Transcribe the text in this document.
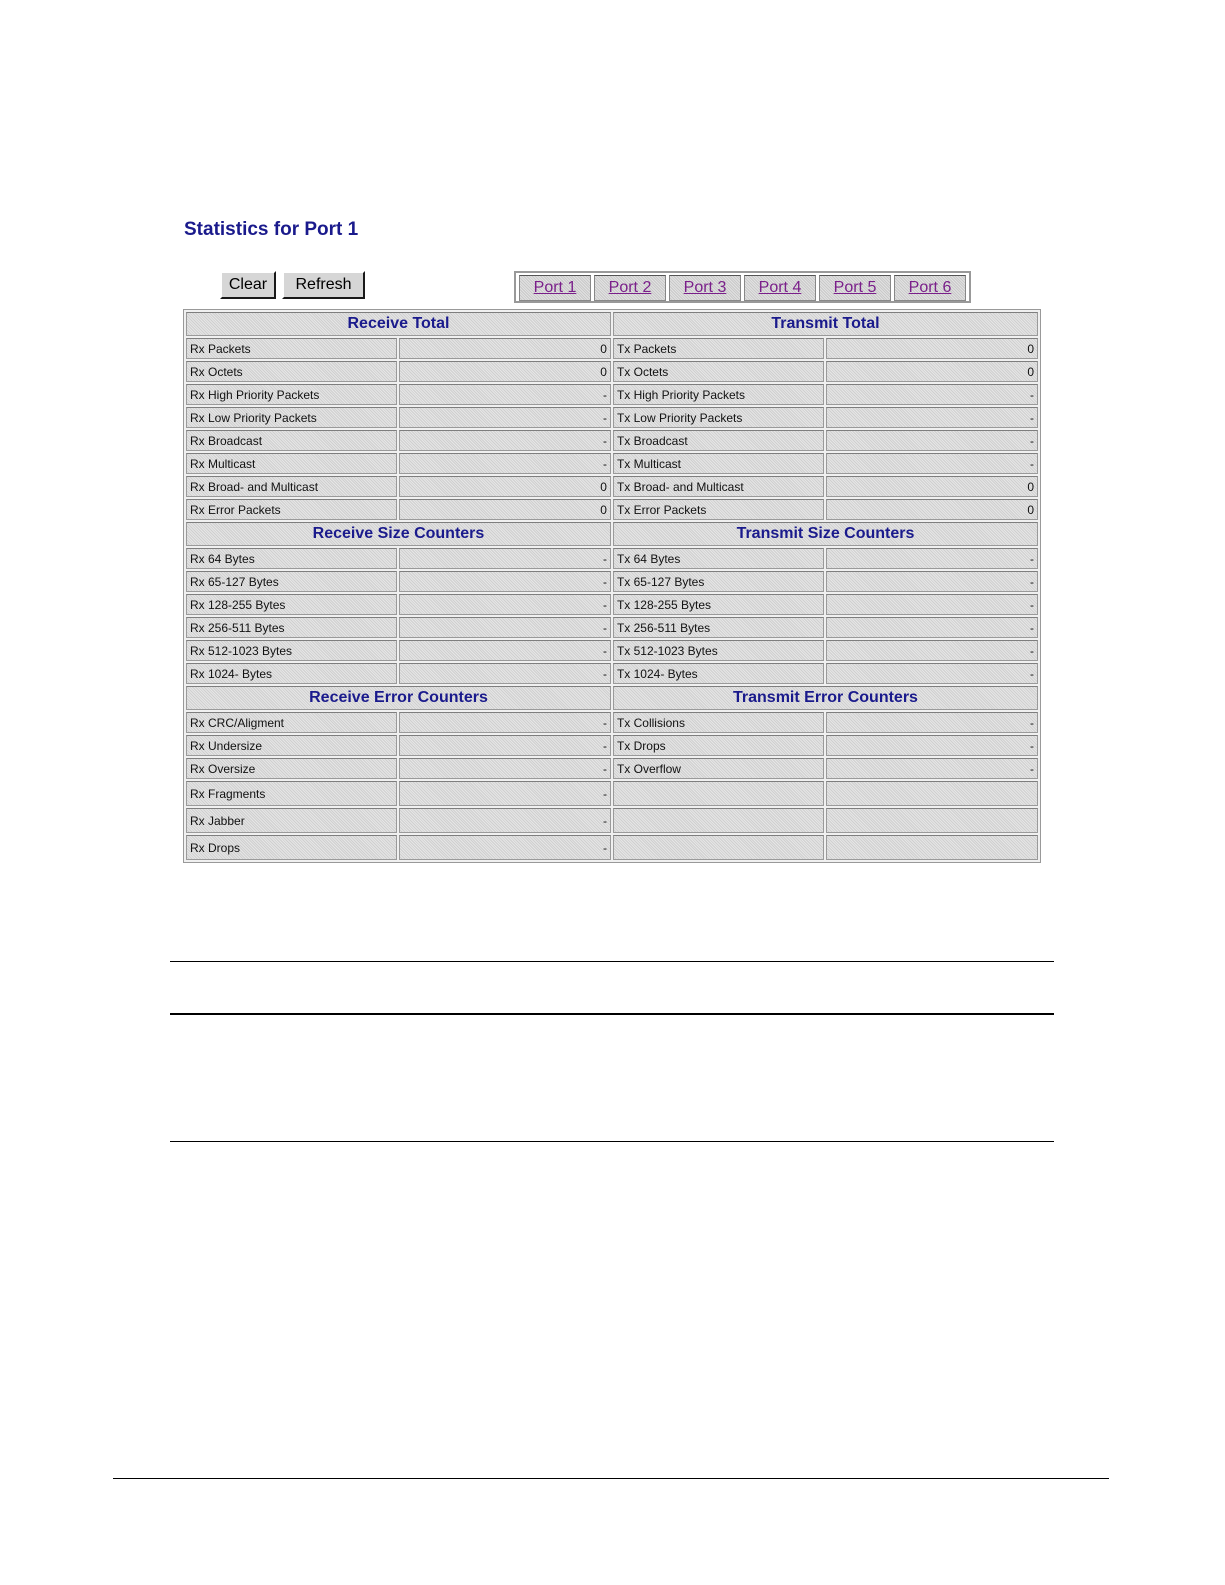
Statistics for Port 1
Clear	Refresh	Port 1 Port 2 Port 3 Port 4 Port 5 Port 6
Receive Total		Transmit Total	
Rx Packets	0	Tx Packets	0
Rx Octets	0	Tx Octets	0
Rx High Priority Packets	-	Tx High Priority Packets	-
Rx Low Priority Packets	-	Tx Low Priority Packets	-
Rx Broadcast	-	Tx Broadcast	-
Rx Multicast	-	Tx Multicast	-
Rx Broad- and Multicast	0	Tx Broad- and Multicast	0
Rx Error Packets	0	Tx Error Packets	0
Receive Size Counters		Transmit Size Counters	
Rx 64 Bytes	-	Tx 64 Bytes	-
Rx 65-127 Bytes	-	Tx 65-127 Bytes	-
Rx 128-255 Bytes	-	Tx 128-255 Bytes	-
Rx 256-511 Bytes	-	Tx 256-511 Bytes	-
Rx 512-1023 Bytes	-	Tx 512-1023 Bytes	-
Rx 1024- Bytes	-	Tx 1024- Bytes	-
Receive Error Counters		Transmit Error Counters	
Rx CRC/Aligment	-	Tx Collisions	-
Rx Undersize	-	Tx Drops	-
Rx Oversize	-	Tx Overflow	-
Rx Fragments	-		
Rx Jabber	-		
Rx Drops	-		
